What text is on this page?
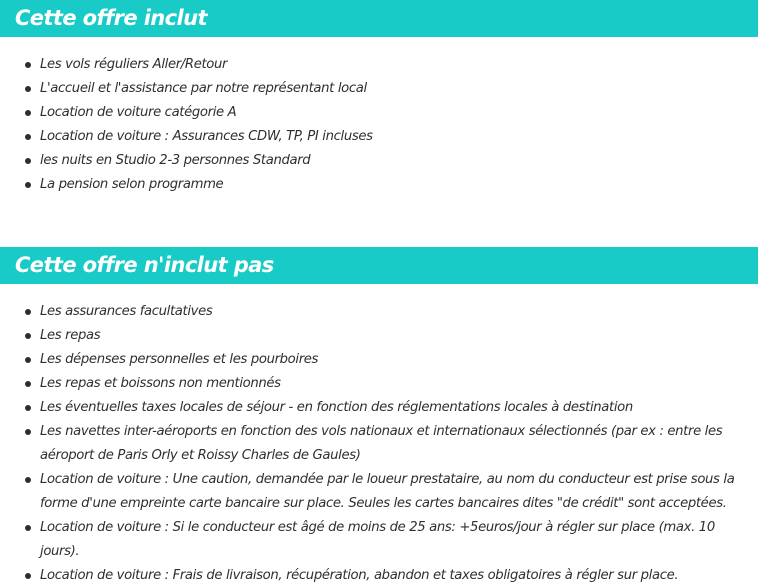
Cette offre inclut
Les vols réguliers Aller/Retour
L'accueil et l'assistance par notre représentant local
Location de voiture catégorie A
Location de voiture : Assurances CDW, TP, PI incluses
les nuits en Studio 2-3 personnes Standard
La pension selon programme
Cette offre n'inclut pas
Les assurances facultatives
Les repas
Les dépenses personnelles et les pourboires
Les repas et boissons non mentionnés
Les éventuelles taxes locales de séjour - en fonction des réglementations locales à destination
Les navettes inter-aéroports en fonction des vols nationaux et internationaux sélectionnés (par ex : entre les aéroport de Paris Orly et Roissy Charles de Gaules)
Location de voiture : Une caution, demandée par le loueur prestataire, au nom du conducteur est prise sous la forme d'une empreinte carte bancaire sur place. Seules les cartes bancaires dites "de crédit" sont acceptées.
Location de voiture : Si le conducteur est âgé de moins de 25 ans: +5euros/jour à régler sur place (max. 10 jours).
Location de voiture : Frais de livraison, récupération, abandon et taxes obligatoires à régler sur place.
